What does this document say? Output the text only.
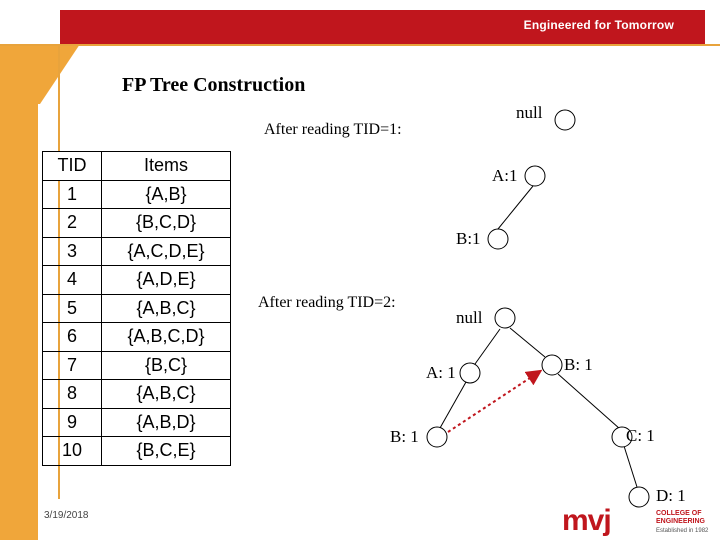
Engineered for Tomorrow
FP Tree Construction
After reading TID=1:
After reading TID=2:
TID	Items
1	{A,B}
2	{B,C,D}
3	{A,C,D,E}
4	{A,D,E}
5	{A,B,C}
6	{A,B,C,D}
7	{B,C}
8	{A,B,C}
9	{A,B,D}
10	{B,C,E}
null
A:1
B:1
null
A: 1	B: 1
B: 1	C: 1
D: 1
3/19/2018	mvj	COLLEGE OF
ENGINEERING
Established in 1982
